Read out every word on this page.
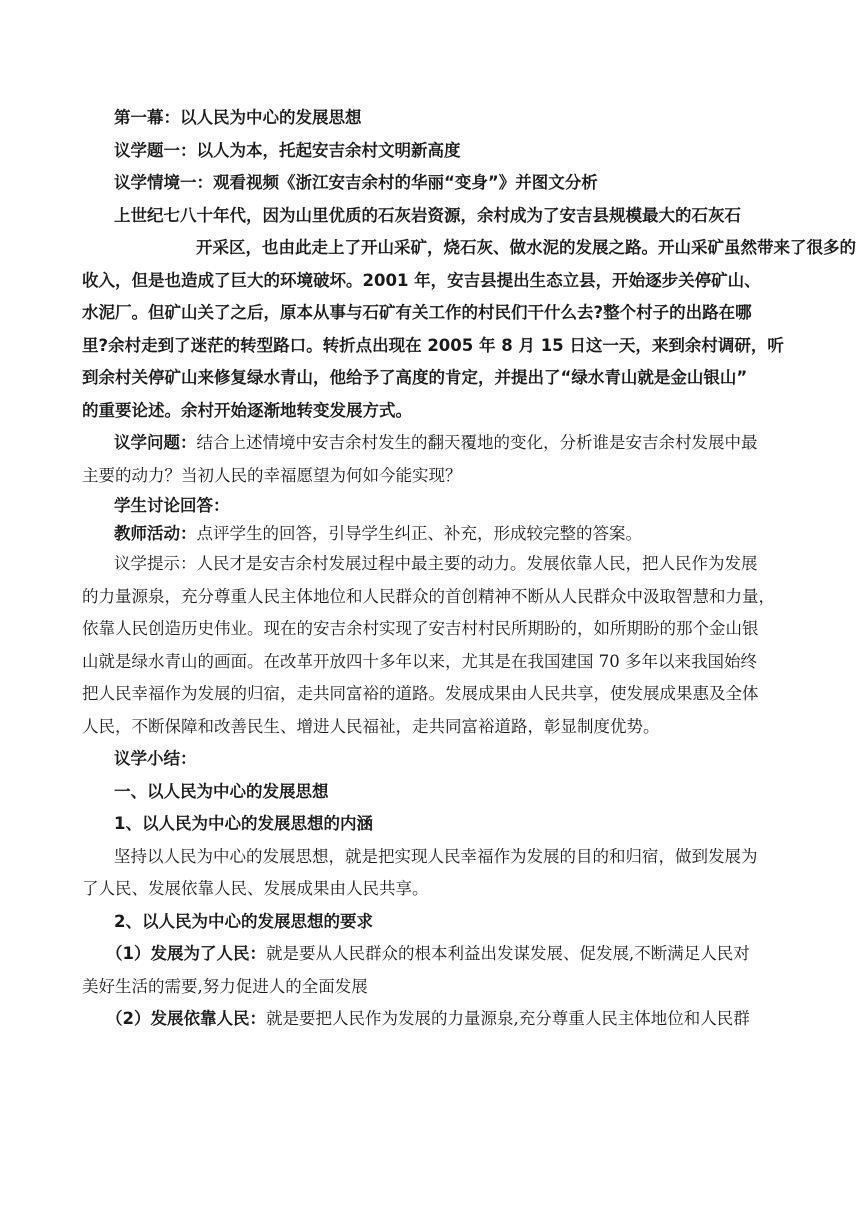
第一幕：以人民为中心的发展思想
议学题一：以人为本，托起安吉余村文明新高度
议学情境一：观看视频《浙江安吉余村的华丽“变身”》并图文分析
上世纪七八十年代，因为山里优质的石灰岩资源，余村成为了安吉县规模最大的石灰石
开采区，也由此走上了开山采矿，烧石灰、做水泥的发展之路。开山采矿虽然带来了很多的
收入，但是也造成了巨大的环境破坏。2001 年，安吉县提出生态立县，开始逐步关停矿山、
水泥厂。但矿山关了之后，原本从事与石矿有关工作的村民们干什么去?整个村子的出路在哪
里?余村走到了迷茫的转型路口。转折点出现在 2005 年 8 月 15 日这一天，来到余村调研，听
到余村关停矿山来修复绿水青山，他给予了高度的肯定，并提出了“绿水青山就是金山银山”
的重要论述。余村开始逐渐地转变发展方式。
议学问题：结合上述情境中安吉余村发生的翻天覆地的变化，分析谁是安吉余村发展中最
主要的动力？当初人民的幸福愿望为何如今能实现？
学生讨论回答：
教师活动：点评学生的回答，引导学生纠正、补充，形成较完整的答案。
议学提示：人民才是安吉余村发展过程中最主要的动力。发展依靠人民，把人民作为发展
的力量源泉，充分尊重人民主体地位和人民群众的首创精神不断从人民群众中汲取智慧和力量，
依靠人民创造历史伟业。现在的安吉余村实现了安吉村村民所期盼的，如所期盼的那个金山银
山就是绿水青山的画面。在改革开放四十多年以来，尤其是在我国建国 70 多年以来我国始终
把人民幸福作为发展的归宿，走共同富裕的道路。发展成果由人民共享，使发展成果惠及全体
人民，不断保障和改善民生、增进人民福祉，走共同富裕道路，彰显制度优势。
议学小结：
一、以人民为中心的发展思想
1、以人民为中心的发展思想的内涵
坚持以人民为中心的发展思想，就是把实现人民幸福作为发展的目的和归宿，做到发展为
了人民、发展依靠人民、发展成果由人民共享。
2、以人民为中心的发展思想的要求
（1）发展为了人民：就是要从人民群众的根本利益出发谋发展、促发展,不断满足人民对
美好生活的需要,努力促进人的全面发展
（2）发展依靠人民：就是要把人民作为发展的力量源泉,充分尊重人民主体地位和人民群
